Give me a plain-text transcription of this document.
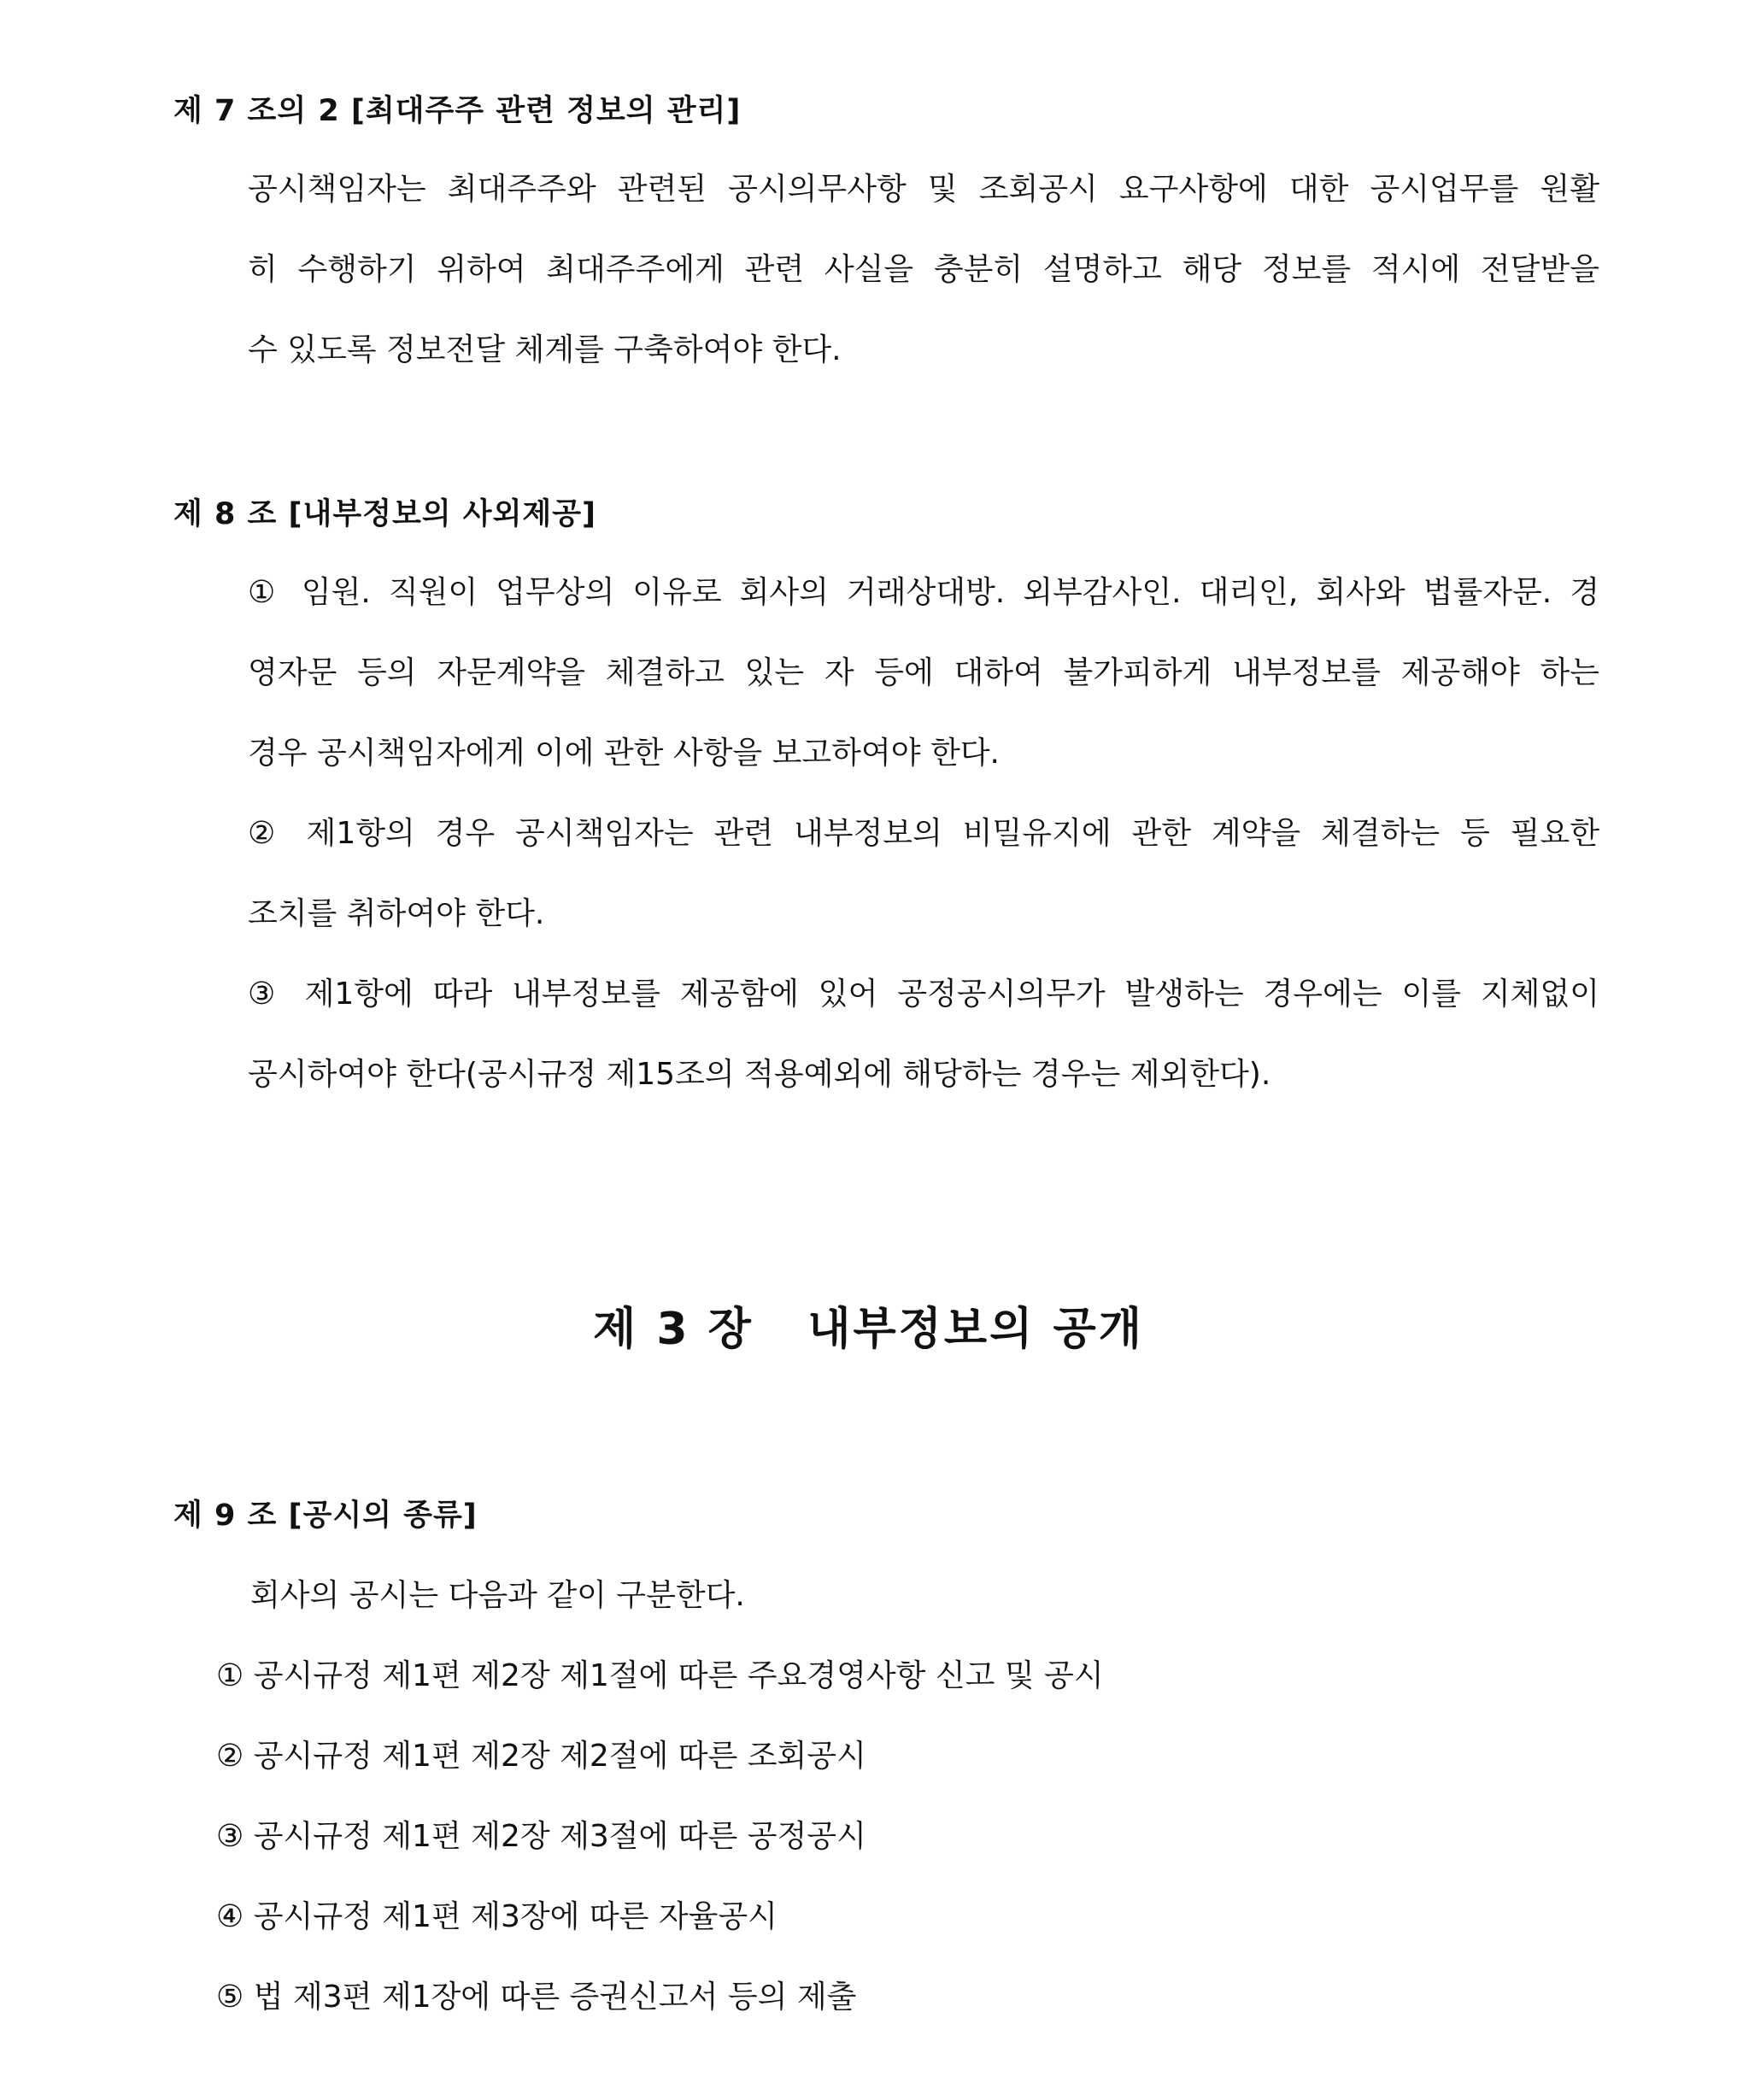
제 7 조의 2 [최대주주 관련 정보의 관리]
공시책임자는 최대주주와 관련된 공시의무사항 및 조회공시 요구사항에 대한 공시업무를 원활
히 수행하기 위하여 최대주주에게 관련 사실을 충분히 설명하고 해당 정보를 적시에 전달받을
수 있도록 정보전달 체계를 구축하여야 한다.
제 8 조 [내부정보의 사외제공]
① 임원. 직원이 업무상의 이유로 회사의 거래상대방. 외부감사인. 대리인, 회사와 법률자문. 경
영자문 등의 자문계약을 체결하고 있는 자 등에 대하여 불가피하게 내부정보를 제공해야 하는
경우 공시책임자에게 이에 관한 사항을 보고하여야 한다.
② 제1항의 경우 공시책임자는 관련 내부정보의 비밀유지에 관한 계약을 체결하는 등 필요한
조치를 취하여야 한다.
③ 제1항에 따라 내부정보를 제공함에 있어 공정공시의무가 발생하는 경우에는 이를 지체없이
공시하여야 한다(공시규정 제15조의 적용예외에 해당하는 경우는 제외한다).
제 3 장   내부정보의 공개
제 9 조 [공시의 종류]
회사의 공시는 다음과 같이 구분한다.
① 공시규정 제1편 제2장 제1절에 따른 주요경영사항 신고 및 공시
② 공시규정 제1편 제2장 제2절에 따른 조회공시
③ 공시규정 제1편 제2장 제3절에 따른 공정공시
④ 공시규정 제1편 제3장에 따른 자율공시
⑤ 법 제3편 제1장에 따른 증권신고서 등의 제출
